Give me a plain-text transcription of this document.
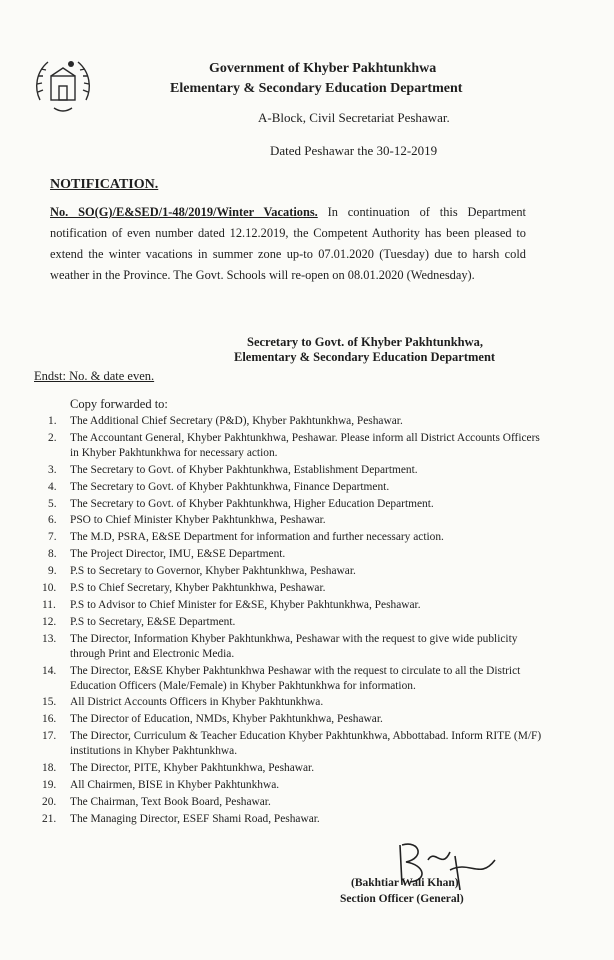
Government of Khyber Pakhtunkhwa
Elementary & Secondary Education Department
A-Block, Civil Secretariat Peshawar.
Dated Peshawar the 30-12-2019
NOTIFICATION.
No. SO(G)/E&SED/1-48/2019/Winter Vacations. In continuation of this Department notification of even number dated 12.12.2019, the Competent Authority has been pleased to extend the winter vacations in summer zone up-to 07.01.2020 (Tuesday) due to harsh cold weather in the Province. The Govt. Schools will re-open on 08.01.2020 (Wednesday).
Secretary to Govt. of Khyber Pakhtunkhwa,
Elementary & Secondary Education Department
Endst: No. & date even.
Copy forwarded to:
1. The Additional Chief Secretary (P&D), Khyber Pakhtunkhwa, Peshawar.
2. The Accountant General, Khyber Pakhtunkhwa, Peshawar. Please inform all District Accounts Officers in Khyber Pakhtunkhwa for necessary action.
3. The Secretary to Govt. of Khyber Pakhtunkhwa, Establishment Department.
4. The Secretary to Govt. of Khyber Pakhtunkhwa, Finance Department.
5. The Secretary to Govt. of Khyber Pakhtunkhwa, Higher Education Department.
6. PSO to Chief Minister Khyber Pakhtunkhwa, Peshawar.
7. The M.D, PSRA, E&SE Department for information and further necessary action.
8. The Project Director, IMU, E&SE Department.
9. P.S to Secretary to Governor, Khyber Pakhtunkhwa, Peshawar.
10. P.S to Chief Secretary, Khyber Pakhtunkhwa, Peshawar.
11. P.S to Advisor to Chief Minister for E&SE, Khyber Pakhtunkhwa, Peshawar.
12. P.S to Secretary, E&SE Department.
13. The Director, Information Khyber Pakhtunkhwa, Peshawar with the request to give wide publicity through Print and Electronic Media.
14. The Director, E&SE Khyber Pakhtunkhwa Peshawar with the request to circulate to all the District Education Officers (Male/Female) in Khyber Pakhtunkhwa for information.
15. All District Accounts Officers in Khyber Pakhtunkhwa.
16. The Director of Education, NMDs, Khyber Pakhtunkhwa, Peshawar.
17. The Director, Curriculum & Teacher Education Khyber Pakhtunkhwa, Abbottabad. Inform RITE (M/F) institutions in Khyber Pakhtunkhwa.
18. The Director, PITE, Khyber Pakhtunkhwa, Peshawar.
19. All Chairmen, BISE in Khyber Pakhtunkhwa.
20. The Chairman, Text Book Board, Peshawar.
21. The Managing Director, ESEF Shami Road, Peshawar.
(Bakhtiar Wali Khan)
Section Officer (General)
